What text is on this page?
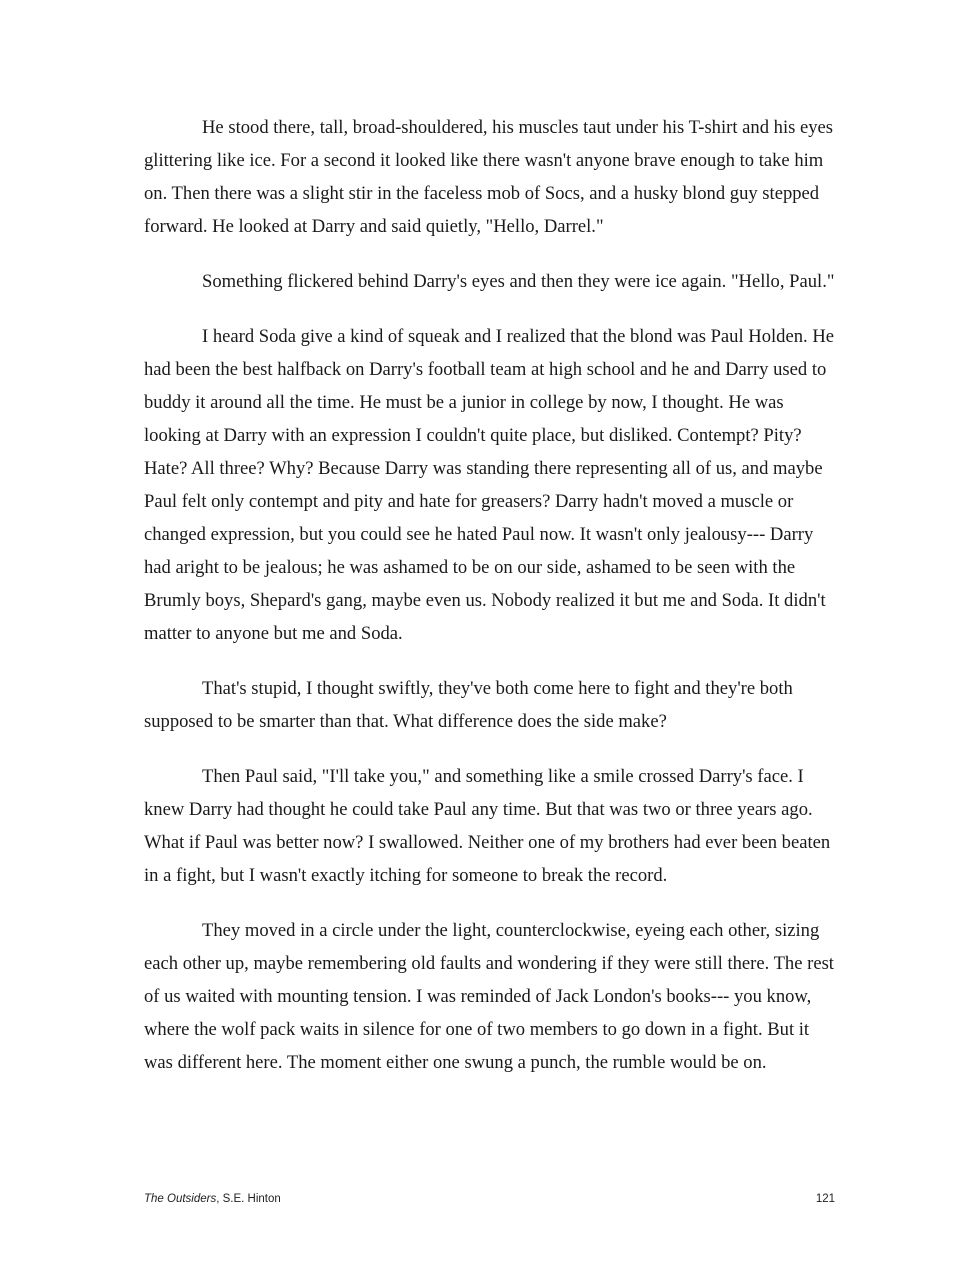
He stood there, tall, broad-shouldered, his muscles taut under his T-shirt and his eyes glittering like ice. For a second it looked like there wasn't anyone brave enough to take him on. Then there was a slight stir in the faceless mob of Socs, and a husky blond guy stepped forward. He looked at Darry and said quietly, "Hello, Darrel."

Something flickered behind Darry's eyes and then they were ice again. "Hello, Paul."

I heard Soda give a kind of squeak and I realized that the blond was Paul Holden. He had been the best halfback on Darry's football team at high school and he and Darry used to buddy it around all the time. He must be a junior in college by now, I thought. He was looking at Darry with an expression I couldn't quite place, but disliked. Contempt? Pity? Hate? All three? Why? Because Darry was standing there representing all of us, and maybe Paul felt only contempt and pity and hate for greasers? Darry hadn't moved a muscle or changed expression, but you could see he hated Paul now. It wasn't only jealousy--- Darry had aright to be jealous; he was ashamed to be on our side, ashamed to be seen with the Brumly boys, Shepard's gang, maybe even us. Nobody realized it but me and Soda. It didn't matter to anyone but me and Soda.

That's stupid, I thought swiftly, they've both come here to fight and they're both supposed to be smarter than that. What difference does the side make?

Then Paul said, "I'll take you," and something like a smile crossed Darry's face. I knew Darry had thought he could take Paul any time. But that was two or three years ago. What if Paul was better now? I swallowed. Neither one of my brothers had ever been beaten in a fight, but I wasn't exactly itching for someone to break the record.

They moved in a circle under the light, counterclockwise, eyeing each other, sizing each other up, maybe remembering old faults and wondering if they were still there. The rest of us waited with mounting tension. I was reminded of Jack London's books--- you know, where the wolf pack waits in silence for one of two members to go down in a fight. But it was different here. The moment either one swung a punch, the rumble would be on.

The Outsiders, S.E. Hinton	121
